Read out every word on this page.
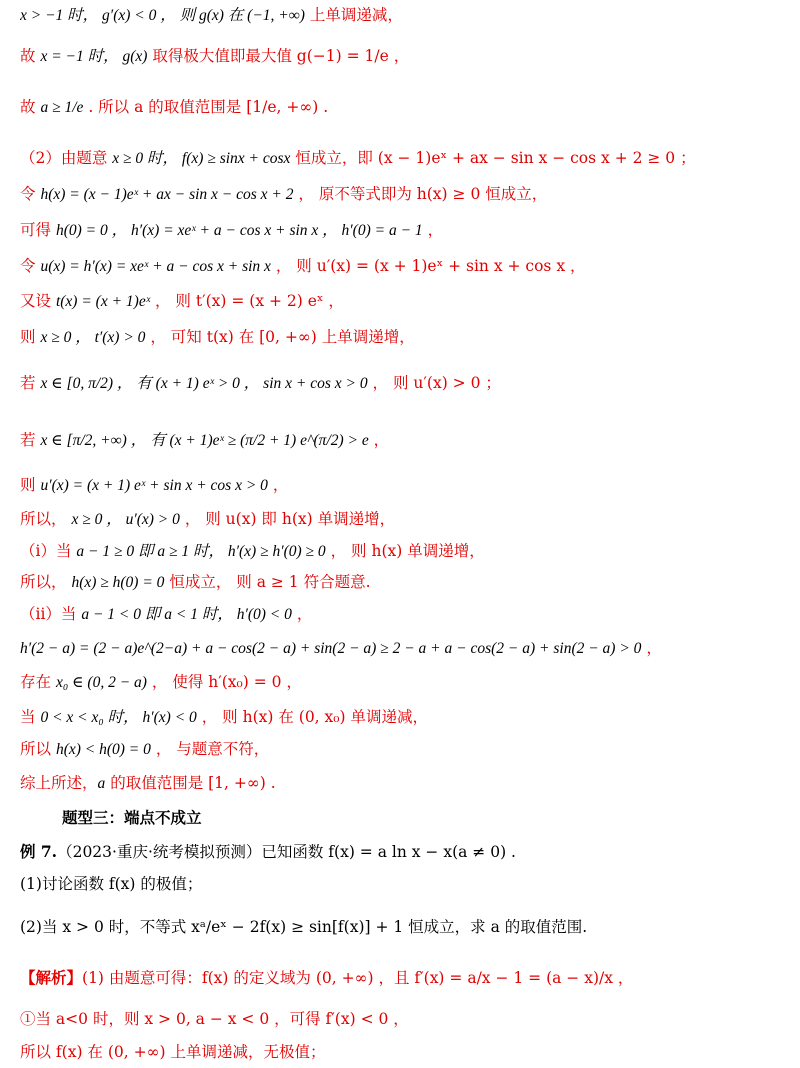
x > −1 时， g′(x) < 0 ， 则 g(x) 在 (−1, +∞) 上单调递减，
故 x = −1 时， g(x) 取得极大值即最大值 g(−1) = 1/e ，
故 a ≥ 1/e . 所以 a 的取值范围是 [1/e, +∞) .
（2）由题意 x ≥ 0 时， f(x) ≥ sinx + cosx 恒成立，即 (x − 1)eˣ + ax − sin x − cos x + 2 ≥ 0 ；
令 h(x) = (x − 1)eˣ + ax − sin x − cos x + 2 ， 原不等式即为 h(x) ≥ 0 恒成立，
可得 h(0) = 0 ， h′(x) = xeˣ + a − cos x + sin x ， h′(0) = a − 1 ，
令 u(x) = h′(x) = xeˣ + a − cos x + sin x ， 则 u′(x) = (x + 1)eˣ + sin x + cos x ，
又设 t(x) = (x + 1)eˣ ， 则 t′(x) = (x + 2) eˣ ，
则 x ≥ 0 ， t′(x) > 0 ， 可知 t(x) 在 [0, +∞) 上单调递增，
若 x ∈ [0, π/2) ， 有 (x + 1) eˣ > 0 ， sin x + cos x > 0 ， 则 u′(x) > 0 ；
若 x ∈ [π/2, +∞) ， 有 (x + 1)eˣ ≥ (π/2 + 1) e^(π/2) > e ，
则 u′(x) = (x + 1) eˣ + sin x + cos x > 0 ，
所以， x ≥ 0 ， u′(x) > 0 ， 则 u(x) 即 h(x) 单调递增，
（i）当 a − 1 ≥ 0 即 a ≥ 1 时， h′(x) ≥ h′(0) ≥ 0 ， 则 h(x) 单调递增，
所以， h(x) ≥ h(0) = 0 恒成立， 则 a ≥ 1 符合题意.
（ii）当 a − 1 < 0 即 a < 1 时， h′(0) < 0 ，
h′(2 − a) = (2 − a)e^(2−a) + a − cos(2 − a) + sin(2 − a) ≥ 2 − a + a − cos(2 − a) + sin(2 − a) > 0 ，
存在 x₀ ∈ (0, 2 − a) ， 使得 h′(x₀) = 0 ，
当 0 < x < x₀ 时， h′(x) < 0 ， 则 h(x) 在 (0, x₀) 单调递减，
所以 h(x) < h(0) = 0 ， 与题意不符，
综上所述，a 的取值范围是 [1, +∞) .
题型三：端点不成立
例 7.（2023·重庆·统考模拟预测）已知函数 f(x) = a ln x − x(a ≠ 0) .
(1)讨论函数 f(x) 的极值；
(2)当 x > 0 时，不等式 xᵃ/eˣ − 2f(x) ≥ sin[f(x)] + 1 恒成立，求 a 的取值范围.
【解析】(1) 由题意可得：f(x) 的定义域为 (0, +∞) ，且 f′(x) = a/x − 1 = (a − x)/x ，
①当 a<0 时，则 x > 0, a − x < 0 ，可得 f′(x) < 0 ，
所以 f(x) 在 (0, +∞) 上单调递减，无极值；
